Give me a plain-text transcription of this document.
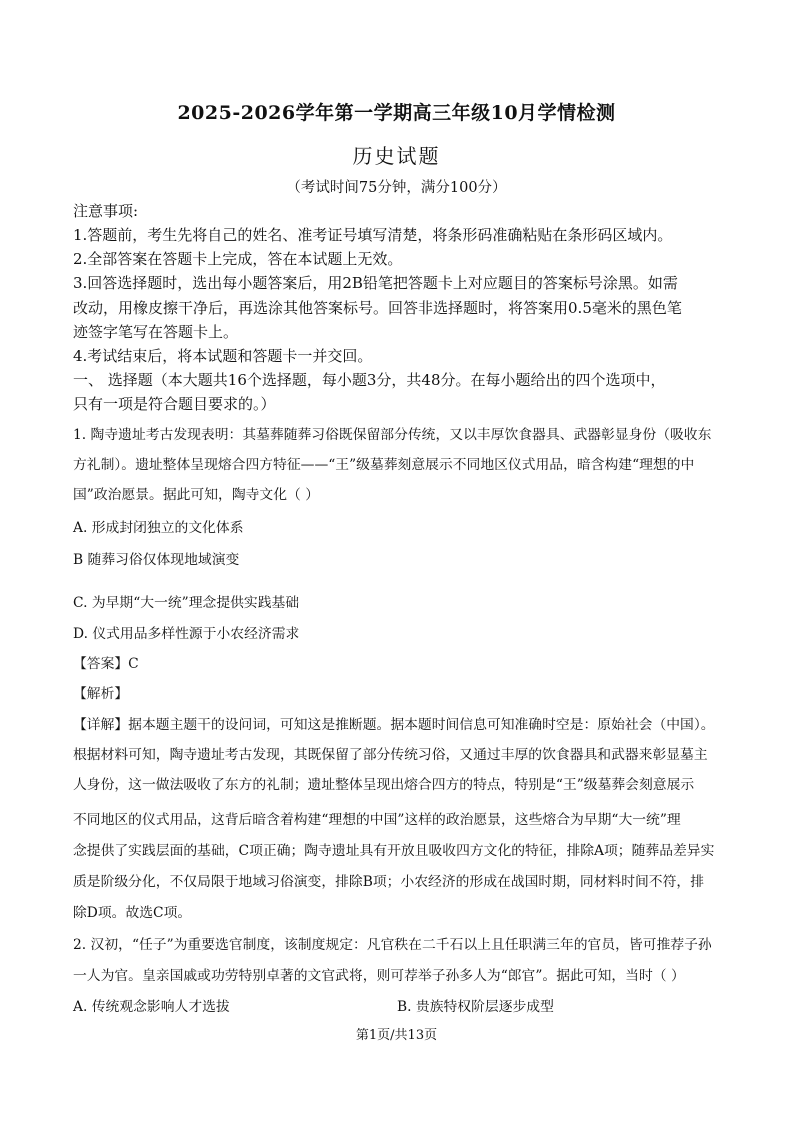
2025-2026学年第一学期高三年级10月学情检测
历史试题
（考试时间75分钟，满分100分）
注意事项:
1.答题前，考生先将自己的姓名、准考证号填写清楚，将条形码准确粘贴在条形码区域内。
2.全部答案在答题卡上完成，答在本试题上无效。
3.回答选择题时，选出每小题答案后，用2B铅笔把答题卡上对应题目的答案标号涂黑。如需
改动，用橡皮擦干净后，再选涂其他答案标号。回答非选择题时，将答案用0.5毫米的黑色笔
迹签字笔写在答题卡上。
4.考试结束后，将本试题和答题卡一并交回。
一、 选择题（本大题共16个选择题，每小题3分，共48分。在每小题给出的四个选项中，
只有一项是符合题目要求的。）
1. 陶寺遗址考古发现表明：其墓葬随葬习俗既保留部分传统，又以丰厚饮食器具、武器彰显身份（吸收东
方礼制）。遗址整体呈现熔合四方特征——“王”级墓葬刻意展示不同地区仪式用品，暗含构建“理想的中
国”政治愿景。据此可知，陶寺文化（ ）
A. 形成封闭独立的文化体系
B 随葬习俗仅体现地域演变
C. 为早期“大一统”理念提供实践基础
D. 仪式用品多样性源于小农经济需求
【答案】C
【解析】
【详解】据本题主题干的设问词，可知这是推断题。据本题时间信息可知准确时空是：原始社会（中国）。
根据材料可知，陶寺遗址考古发现，其既保留了部分传统习俗，又通过丰厚的饮食器具和武器来彰显墓主
人身份，这一做法吸收了东方的礼制；遗址整体呈现出熔合四方的特点，特别是“王”级墓葬会刻意展示
不同地区的仪式用品，这背后暗含着构建“理想的中国”这样的政治愿景，这些熔合为早期“大一统”理
念提供了实践层面的基础，C项正确；陶寺遗址具有开放且吸收四方文化的特征，排除A项；随葬品差异实
质是阶级分化，不仅局限于地域习俗演变，排除B项；小农经济的形成在战国时期，同材料时间不符，排
除D项。故选C项。
2. 汉初，“任子”为重要选官制度，该制度规定：凡官秩在二千石以上且任职满三年的官员，皆可推荐子孙
一人为官。皇亲国戚或功劳特别卓著的文官武将，则可荐举子孙多人为“郎官”。据此可知，当时（ ）
A. 传统观念影响人才选拔	B. 贵族特权阶层逐步成型
第1页/共13页
